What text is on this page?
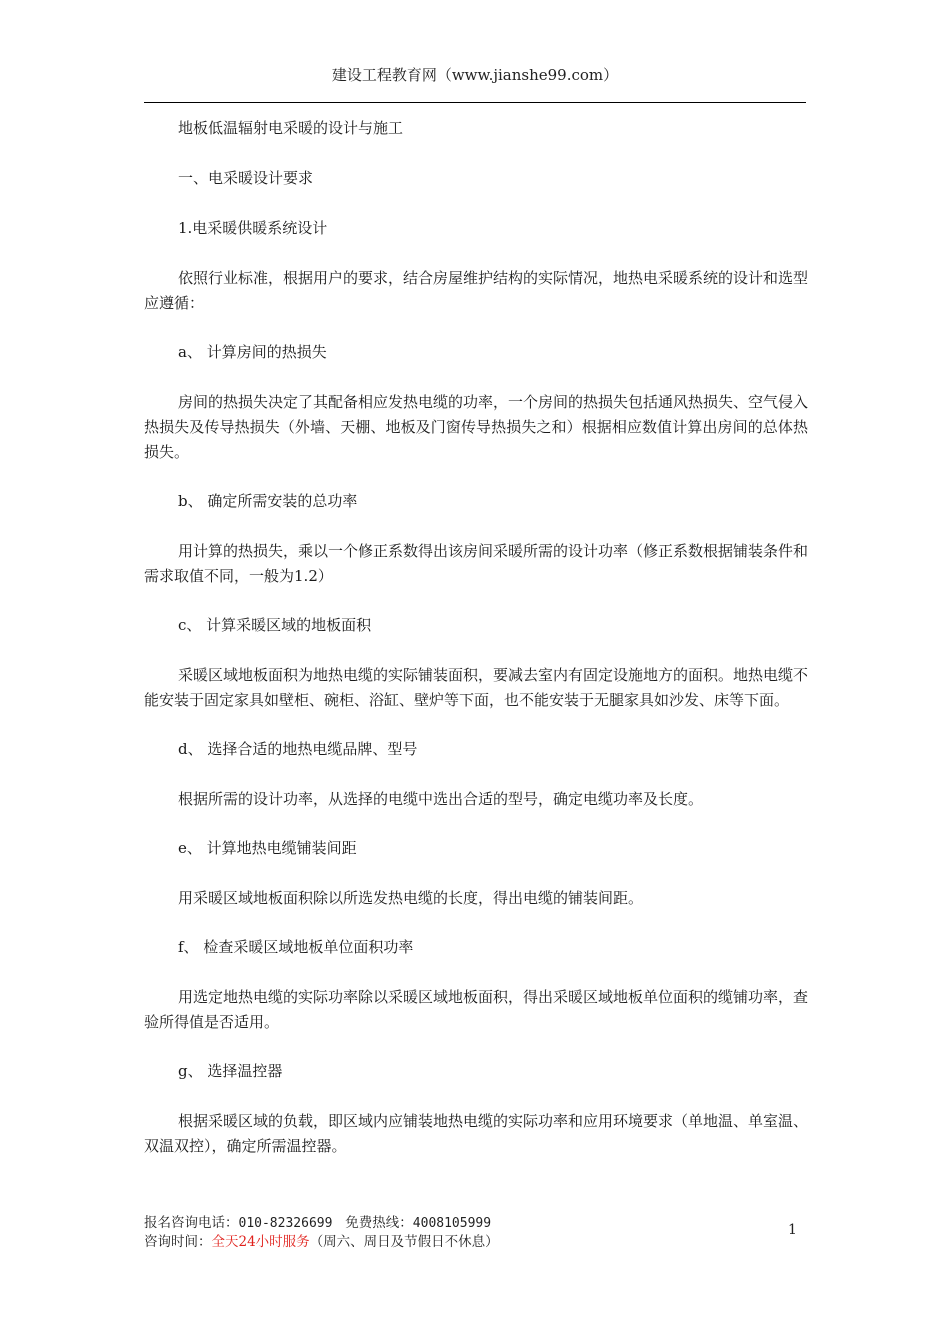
建设工程教育网（www.jianshe99.com）

地板低温辐射电采暖的设计与施工

一、电采暖设计要求

1.电采暖供暖系统设计

依照行业标准，根据用户的要求，结合房屋维护结构的实际情况，地热电采暖系统的设计和选型应遵循：

a、 计算房间的热损失

房间的热损失决定了其配备相应发热电缆的功率，一个房间的热损失包括通风热损失、空气侵入热损失及传导热损失（外墙、天棚、地板及门窗传导热损失之和）根据相应数值计算出房间的总体热损失。

b、 确定所需安装的总功率

用计算的热损失，乘以一个修正系数得出该房间采暖所需的设计功率（修正系数根据铺装条件和需求取值不同，一般为1.2）

c、 计算采暖区域的地板面积

采暖区域地板面积为地热电缆的实际铺装面积，要减去室内有固定设施地方的面积。地热电缆不能安装于固定家具如壁柜、碗柜、浴缸、壁炉等下面，也不能安装于无腿家具如沙发、床等下面。

d、 选择合适的地热电缆品牌、型号

根据所需的设计功率，从选择的电缆中选出合适的型号，确定电缆功率及长度。

e、 计算地热电缆铺装间距

用采暖区域地板面积除以所选发热电缆的长度，得出电缆的铺装间距。

f、 检查采暖区域地板单位面积功率

用选定地热电缆的实际功率除以采暖区域地板面积，得出采暖区域地板单位面积的缆铺功率，查验所得值是否适用。

g、 选择温控器

根据采暖区域的负载，即区域内应铺装地热电缆的实际功率和应用环境要求（单地温、单室温、双温双控），确定所需温控器。

报名咨询电话：010-82326699 免费热线：4008105999
咨询时间：全天24小时服务（周六、周日及节假日不休息）
1
